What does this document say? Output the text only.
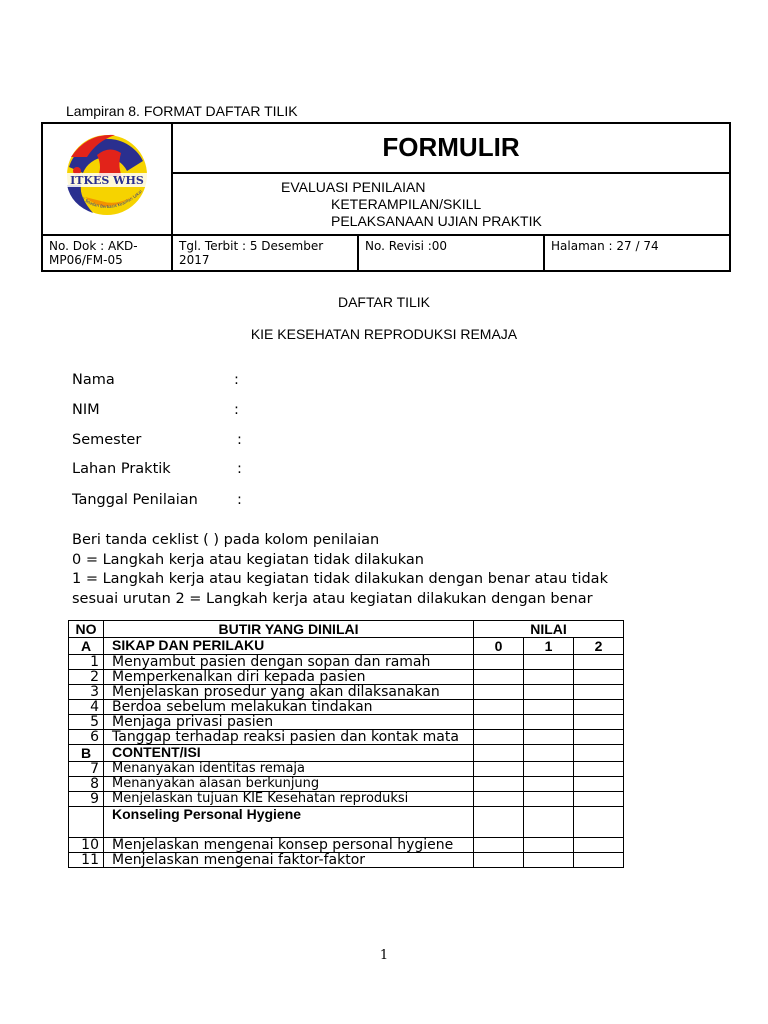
Lampiran 8. FORMAT DAFTAR TILIK
ITKES WHS
Menjadi Teladan Berbasis Kearifan Lokal	FORMULIR		

	EVALUASI PENILAIAN
KETERAMPILAN/SKILL
PELAKSANAAN UJIAN PRAKTIK		

No. Dok : AKD-MP06/FM-05	Tgl. Terbit : 5 Desember 2017	No. Revisi :00	Halaman : 27 / 74
DAFTAR TILIK
KIE KESEHATAN REPRODUKSI REMAJA
Nama	:
NIM	:
Semester	:
Lahan Praktik	:
Tanggal Penilaian	:
Beri tanda ceklist ( ) pada kolom penilaian
0 = Langkah kerja atau kegiatan tidak dilakukan
1 = Langkah kerja atau kegiatan tidak dilakukan dengan benar atau tidak
sesuai urutan 2 = Langkah kerja atau kegiatan dilakukan dengan benar
NO	BUTIR YANG DINILAI	NILAI		
A	SIKAP DAN PERILAKU	0	1	2
1	Menyambut pasien dengan sopan dan ramah			
2	Memperkenalkan diri kepada pasien			
3	Menjelaskan prosedur yang akan dilaksanakan			
4	Berdoa sebelum melakukan tindakan			
5	Menjaga privasi pasien			
6	Tanggap terhadap reaksi pasien dan kontak mata			
B	CONTENT/ISI			
7	Menanyakan identitas remaja			
8	Menanyakan alasan berkunjung			
9	Menjelaskan tujuan KIE Kesehatan reproduksi			
	Konseling Personal Hygiene			
10	Menjelaskan mengenai konsep personal hygiene			
11	Menjelaskan mengenai faktor-faktor			
1
